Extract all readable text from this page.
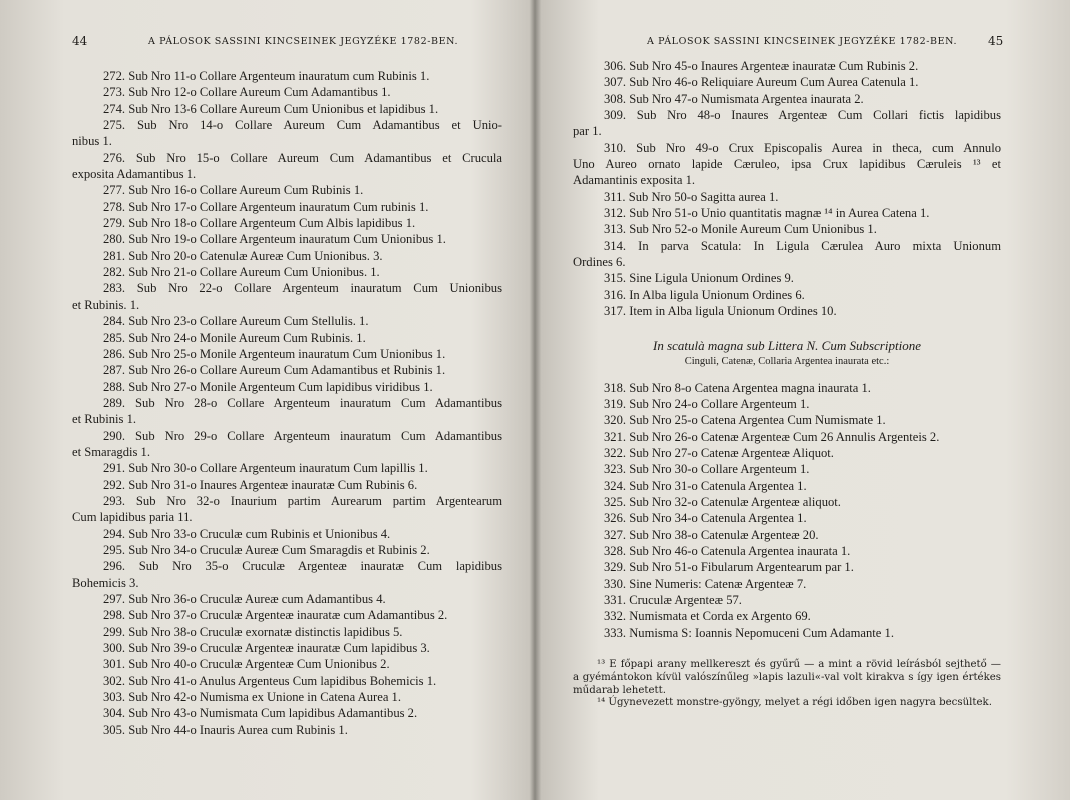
44	A PÁLOSOK SASSINI KINCSEINEK JEGYZÉKE 1782-BEN.
272. Sub Nro 11-o Collare Argenteum inauratum cum Rubinis 1.
273. Sub Nro 12-o Collare Aureum Cum Adamantibus 1.
274. Sub Nro 13-6 Collare Aureum Cum Unionibus et lapidibus 1.
275. Sub Nro 14-o Collare Aureum Cum Adamantibus et Unio-
nibus 1.
276. Sub Nro 15-o Collare Aureum Cum Adamantibus et Crucula
exposita Adamantibus 1.
277. Sub Nro 16-o Collare Aureum Cum Rubinis 1.
278. Sub Nro 17-o Collare Argenteum inauratum Cum rubinis 1.
279. Sub Nro 18-o Collare Argenteum Cum Albis lapidibus 1.
280. Sub Nro 19-o Collare Argenteum inauratum Cum Unionibus 1.
281. Sub Nro 20-o Catenulæ Aureæ Cum Unionibus. 3.
282. Sub Nro 21-o Collare Aureum Cum Unionibus. 1.
283. Sub Nro 22-o Collare Argenteum inauratum Cum Unionibus
et Rubinis. 1.
284. Sub Nro 23-o Collare Aureum Cum Stellulis. 1.
285. Sub Nro 24-o Monile Aureum Cum Rubinis. 1.
286. Sub Nro 25-o Monile Argenteum inauratum Cum Unionibus 1.
287. Sub Nro 26-o Collare Aureum Cum Adamantibus et Rubinis 1.
288. Sub Nro 27-o Monile Argenteum Cum lapidibus viridibus 1.
289. Sub Nro 28-o Collare Argenteum inauratum Cum Adamantibus
et Rubinis 1.
290. Sub Nro 29-o Collare Argenteum inauratum Cum Adamantibus
et Smaragdis 1.
291. Sub Nro 30-o Collare Argenteum inauratum Cum lapillis 1.
292. Sub Nro 31-o Inaures Argenteæ inauratæ Cum Rubinis 6.
293. Sub Nro 32-o Inaurium partim Aurearum partim Argentearum
Cum lapidibus paria 11.
294. Sub Nro 33-o Cruculæ cum Rubinis et Unionibus 4.
295. Sub Nro 34-o Cruculæ Aureæ Cum Smaragdis et Rubinis 2.
296. Sub Nro 35-o Cruculæ Argenteæ inauratæ Cum lapidibus
Bohemicis 3.
297. Sub Nro 36-o Cruculæ Aureæ cum Adamantibus 4.
298. Sub Nro 37-o Cruculæ Argenteæ inauratæ cum Adamantibus 2.
299. Sub Nro 38-o Cruculæ exornatæ distinctis lapidibus 5.
300. Sub Nro 39-o Cruculæ Argenteæ inauratæ Cum lapidibus 3.
301. Sub Nro 40-o Cruculæ Argenteæ Cum Unionibus 2.
302. Sub Nro 41-o Anulus Argenteus Cum lapidibus Bohemicis 1.
303. Sub Nro 42-o Numisma ex Unione in Catena Aurea 1.
304. Sub Nro 43-o Numismata Cum lapidibus Adamantibus 2.
305. Sub Nro 44-o Inauris Aurea cum Rubinis 1.
A PÁLOSOK SASSINI KINCSEINEK JEGYZÉKE 1782-BEN.	45
306. Sub Nro 45-o Inaures Argenteæ inauratæ Cum Rubinis 2.
307. Sub Nro 46-o Reliquiare Aureum Cum Aurea Catenula 1.
308. Sub Nro 47-o Numismata Argentea inaurata 2.
309. Sub Nro 48-o Inaures Argenteæ Cum Collari fictis lapidibus
par 1.
310. Sub Nro 49-o Crux Episcopalis Aurea in theca, cum Annulo
Uno Aureo ornato lapide Cæruleo, ipsa Crux lapidibus Cæruleis ¹³ et
Adamantinis exposita 1.
311. Sub Nro 50-o Sagitta aurea 1.
312. Sub Nro 51-o Unio quantitatis magnæ ¹⁴ in Aurea Catena 1.
313. Sub Nro 52-o Monile Aureum Cum Unionibus 1.
314. In parva Scatula: In Ligula Cærulea Auro mixta Unionum
Ordines 6.
315. Sine Ligula Unionum Ordines 9.
316. In Alba ligula Unionum Ordines 6.
317. Item in Alba ligula Unionum Ordines 10.
In scatulà magna sub Littera N. Cum Subscriptione
Cinguli, Catenæ, Collaria Argentea inaurata etc.:
318. Sub Nro 8-o Catena Argentea magna inaurata 1.
319. Sub Nro 24-o Collare Argenteum 1.
320. Sub Nro 25-o Catena Argentea Cum Numismate 1.
321. Sub Nro 26-o Catenæ Argenteæ Cum 26 Annulis Argenteis 2.
322. Sub Nro 27-o Catenæ Argenteæ Aliquot.
323. Sub Nro 30-o Collare Argenteum 1.
324. Sub Nro 31-o Catenula Argentea 1.
325. Sub Nro 32-o Catenulæ Argenteæ aliquot.
326. Sub Nro 34-o Catenula Argentea 1.
327. Sub Nro 38-o Catenulæ Argenteæ 20.
328. Sub Nro 46-o Catenula Argentea inaurata 1.
329. Sub Nro 51-o Fibularum Argentearum par 1.
330. Sine Numeris: Catenæ Argenteæ 7.
331. Cruculæ Argenteæ 57.
332. Numismata et Corda ex Argento 69.
333. Numisma S: Ioannis Nepomuceni Cum Adamante 1.
¹³ E főpapi arany mellkereszt és gyűrű — a mint a rövid leírásból sejthető —
a gyémántokon kívül valószínűleg »lapis lazuli«-val volt kirakva s így igen értékes
műdarab lehetett.
¹⁴ Úgynevezett monstre-gyöngy, melyet a régi időben igen nagyra becsültek.
